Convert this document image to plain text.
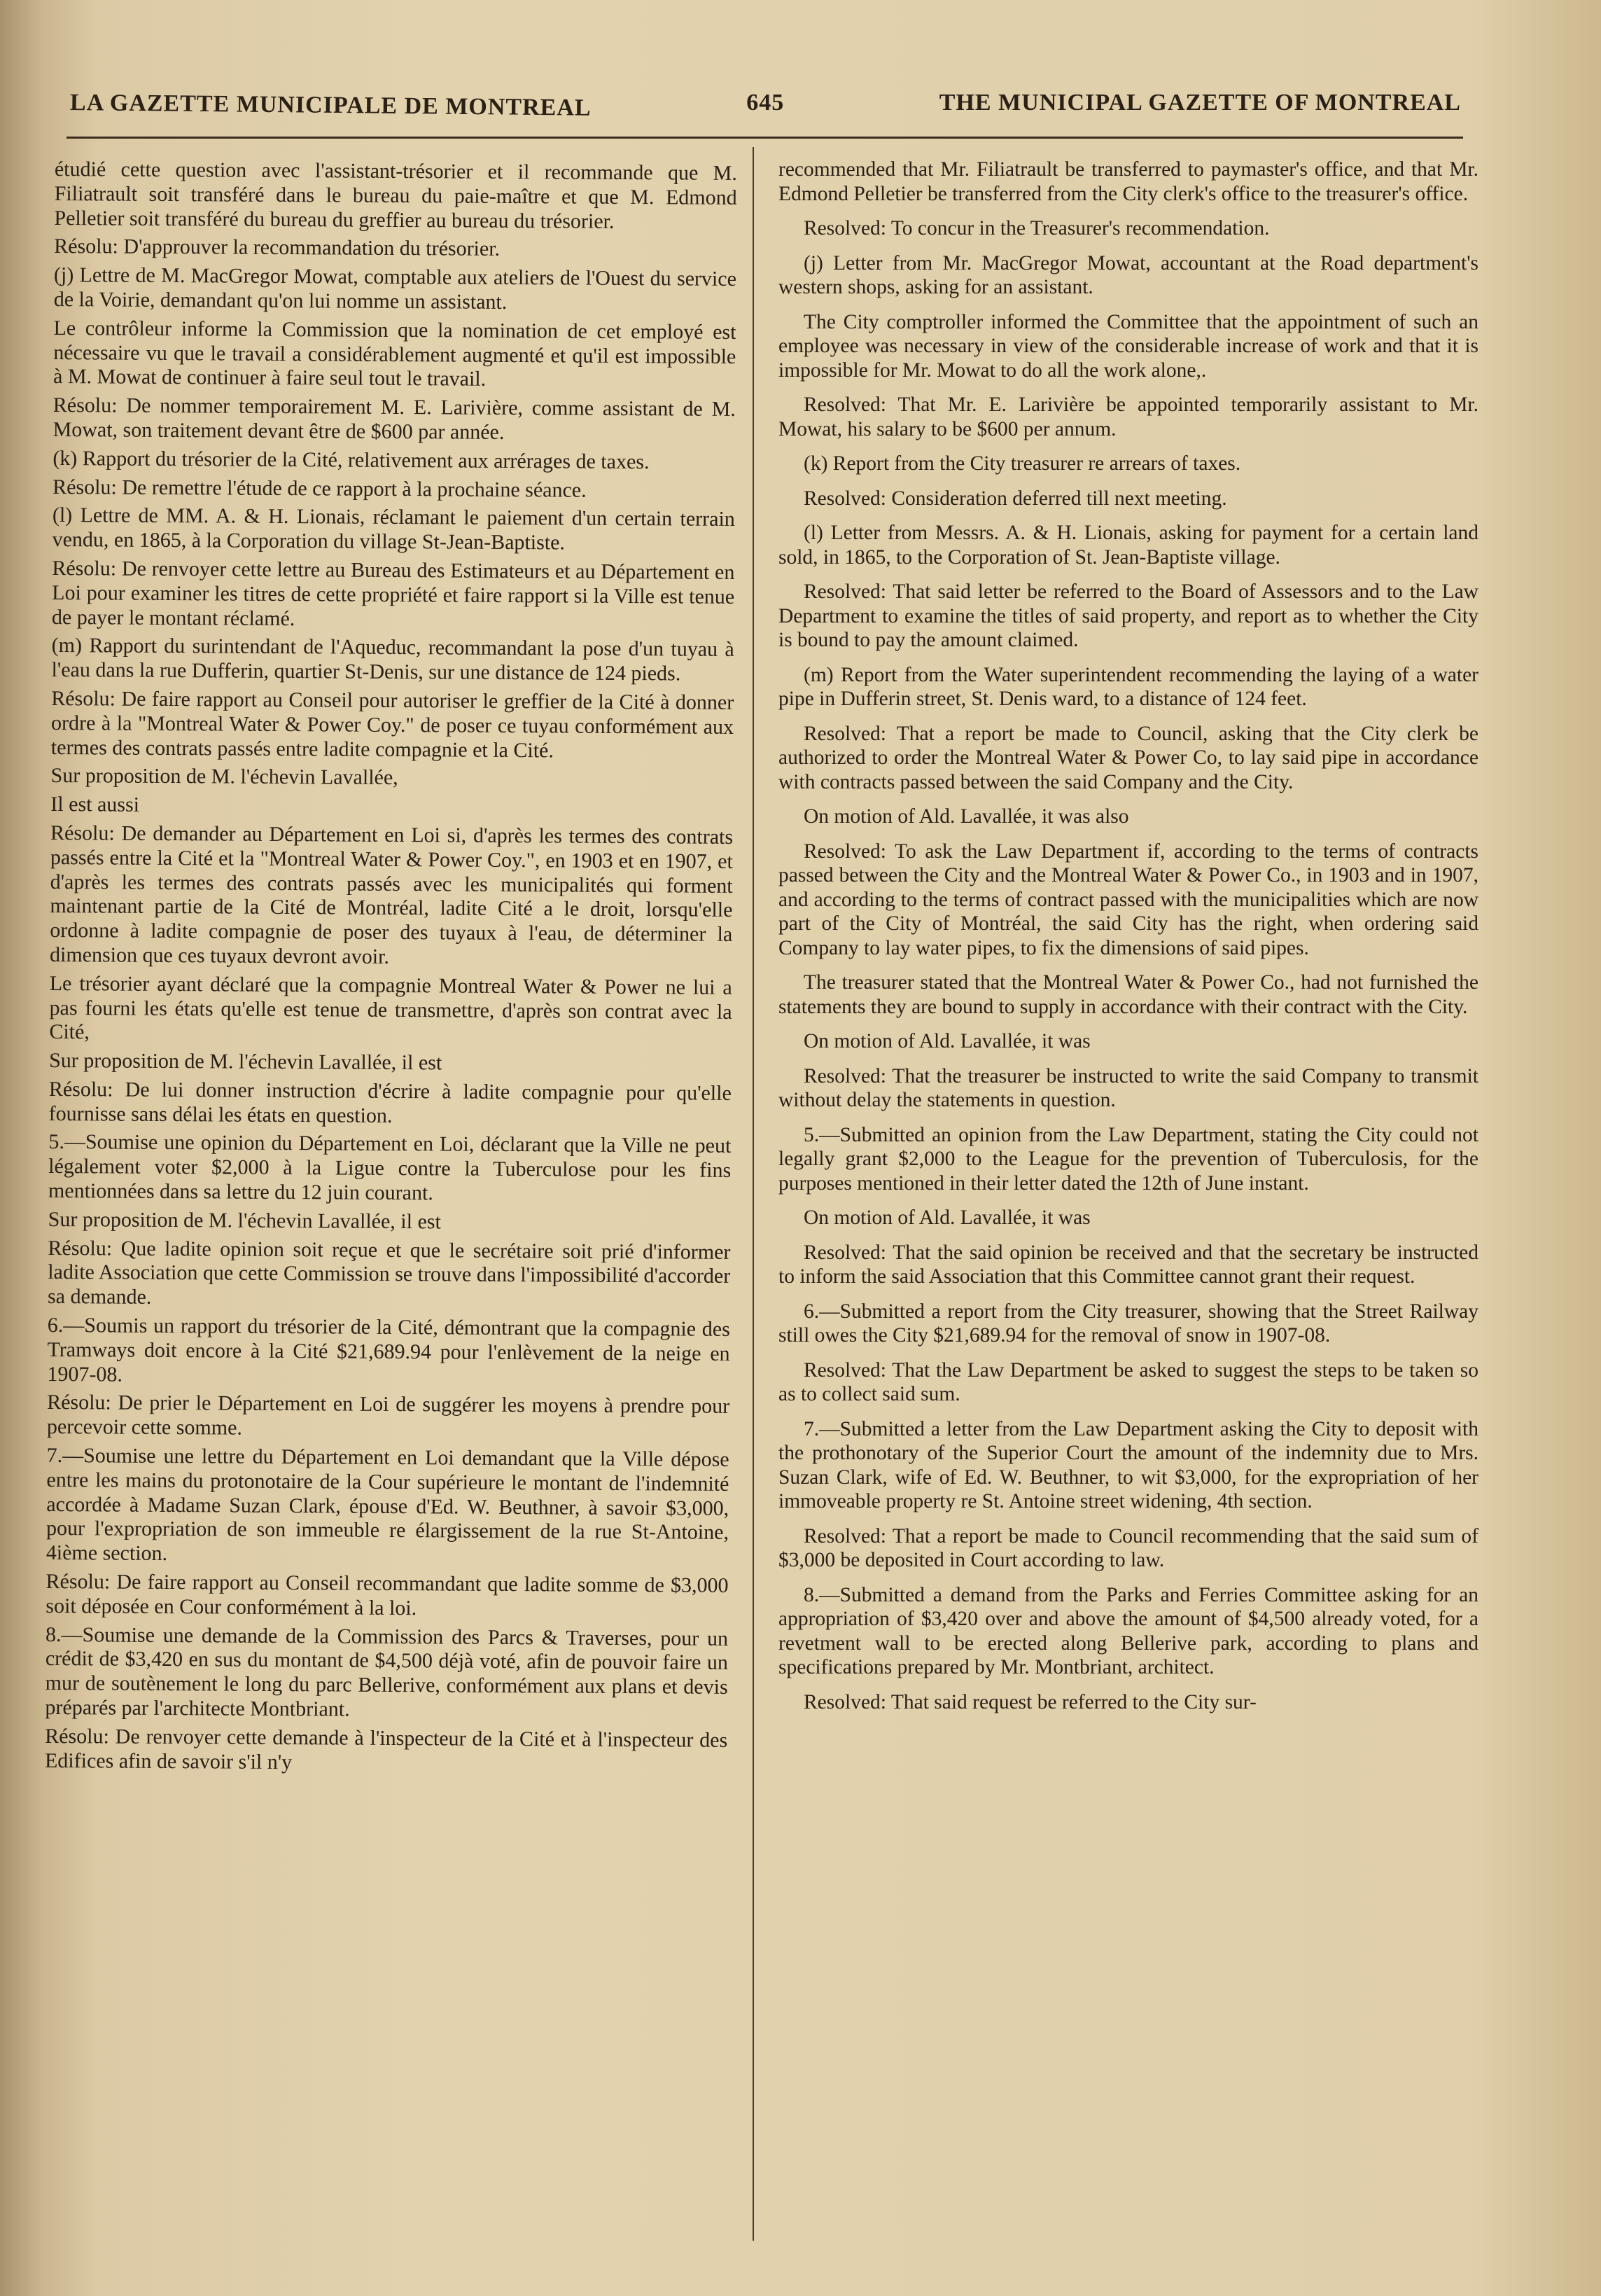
LA GAZETTE MUNICIPALE DE MONTREAL	645	THE MUNICIPAL GAZETTE OF MONTREAL

étudié cette question avec l'assistant-trésorier et il recommande que M. Filiatrault soit transféré dans le bureau du paie-maître et que M. Edmond Pelletier soit transféré du bureau du greffier au bureau du trésorier.

Résolu: D'approuver la recommandation du trésorier.

(j) Lettre de M. MacGregor Mowat, comptable aux ateliers de l'Ouest du service de la Voirie, demandant qu'on lui nomme un assistant.

Le contrôleur informe la Commission que la nomination de cet employé est nécessaire vu que le travail a considérablement augmenté et qu'il est impossible à M. Mowat de continuer à faire seul tout le travail.

Résolu: De nommer temporairement M. E. Larivière, comme assistant de M. Mowat, son traitement devant être de $600 par année.

(k) Rapport du trésorier de la Cité, relativement aux arrérages de taxes.

Résolu: De remettre l'étude de ce rapport à la prochaine séance.

(l) Lettre de MM. A. & H. Lionais, réclamant le paiement d'un certain terrain vendu, en 1865, à la Corporation du village St-Jean-Baptiste.

Résolu: De renvoyer cette lettre au Bureau des Estimateurs et au Département en Loi pour examiner les titres de cette propriété et faire rapport si la Ville est tenue de payer le montant réclamé.

(m) Rapport du surintendant de l'Aqueduc, recommandant la pose d'un tuyau à l'eau dans la rue Dufferin, quartier St-Denis, sur une distance de 124 pieds.

Résolu: De faire rapport au Conseil pour autoriser le greffier de la Cité à donner ordre à la "Montreal Water & Power Coy." de poser ce tuyau conformément aux termes des contrats passés entre ladite compagnie et la Cité.

Sur proposition de M. l'échevin Lavallée,

Il est aussi

Résolu: De demander au Département en Loi si, d'après les termes des contrats passés entre la Cité et la "Montreal Water & Power Coy.", en 1903 et en 1907, et d'après les termes des contrats passés avec les municipalités qui forment maintenant partie de la Cité de Montréal, ladite Cité a le droit, lorsqu'elle ordonne à ladite compagnie de poser des tuyaux à l'eau, de déterminer la dimension que ces tuyaux devront avoir.

Le trésorier ayant déclaré que la compagnie Montreal Water & Power ne lui a pas fourni les états qu'elle est tenue de transmettre, d'après son contrat avec la Cité,

Sur proposition de M. l'échevin Lavallée, il est

Résolu: De lui donner instruction d'écrire à ladite compagnie pour qu'elle fournisse sans délai les états en question.

5.—Soumise une opinion du Département en Loi, déclarant que la Ville ne peut légalement voter $2,000 à la Ligue contre la Tuberculose pour les fins mentionnées dans sa lettre du 12 juin courant.

Sur proposition de M. l'échevin Lavallée, il est

Résolu: Que ladite opinion soit reçue et que le secrétaire soit prié d'informer ladite Association que cette Commission se trouve dans l'impossibilité d'accorder sa demande.

6.—Soumis un rapport du trésorier de la Cité, démontrant que la compagnie des Tramways doit encore à la Cité $21,689.94 pour l'enlèvement de la neige en 1907-08.

Résolu: De prier le Département en Loi de suggérer les moyens à prendre pour percevoir cette somme.

7.—Soumise une lettre du Département en Loi demandant que la Ville dépose entre les mains du protonotaire de la Cour supérieure le montant de l'indemnité accordée à Madame Suzan Clark, épouse d'Ed. W. Beuthner, à savoir $3,000, pour l'expropriation de son immeuble re élargissement de la rue St-Antoine, 4ième section.

Résolu: De faire rapport au Conseil recommandant que ladite somme de $3,000 soit déposée en Cour conformément à la loi.

8.—Soumise une demande de la Commission des Parcs & Traverses, pour un crédit de $3,420 en sus du montant de $4,500 déjà voté, afin de pouvoir faire un mur de soutènement le long du parc Bellerive, conformément aux plans et devis préparés par l'architecte Montbriant.

Résolu: De renvoyer cette demande à l'inspecteur de la Cité et à l'inspecteur des Edifices afin de savoir s'il n'y

recommended that Mr. Filiatrault be transferred to paymaster's office, and that Mr. Edmond Pelletier be transferred from the City clerk's office to the treasurer's office.

Resolved: To concur in the Treasurer's recommendation.

(j) Letter from Mr. MacGregor Mowat, accountant at the Road department's western shops, asking for an assistant.

The City comptroller informed the Committee that the appointment of such an employee was necessary in view of the considerable increase of work and that it is impossible for Mr. Mowat to do all the work alone,.

Resolved: That Mr. E. Larivière be appointed temporarily assistant to Mr. Mowat, his salary to be $600 per annum.

(k) Report from the City treasurer re arrears of taxes.

Resolved: Consideration deferred till next meeting.

(l) Letter from Messrs. A. & H. Lionais, asking for payment for a certain land sold, in 1865, to the Corporation of St. Jean-Baptiste village.

Resolved: That said letter be referred to the Board of Assessors and to the Law Department to examine the titles of said property, and report as to whether the City is bound to pay the amount claimed.

(m) Report from the Water superintendent recommending the laying of a water pipe in Dufferin street, St. Denis ward, to a distance of 124 feet.

Resolved: That a report be made to Council, asking that the City clerk be authorized to order the Montreal Water & Power Co, to lay said pipe in accordance with contracts passed between the said Company and the City.

On motion of Ald. Lavallée, it was also

Resolved: To ask the Law Department if, according to the terms of contracts passed between the City and the Montreal Water & Power Co., in 1903 and in 1907, and according to the terms of contract passed with the municipalities which are now part of the City of Montréal, the said City has the right, when ordering said Company to lay water pipes, to fix the dimensions of said pipes.

The treasurer stated that the Montreal Water & Power Co., had not furnished the statements they are bound to supply in accordance with their contract with the City.

On motion of Ald. Lavallée, it was

Resolved: That the treasurer be instructed to write the said Company to transmit without delay the statements in question.

5.—Submitted an opinion from the Law Department, stating the City could not legally grant $2,000 to the League for the prevention of Tuberculosis, for the purposes mentioned in their letter dated the 12th of June instant.

On motion of Ald. Lavallée, it was

Resolved: That the said opinion be received and that the secretary be instructed to inform the said Association that this Committee cannot grant their request.

6.—Submitted a report from the City treasurer, showing that the Street Railway still owes the City $21,689.94 for the removal of snow in 1907-08.

Resolved: That the Law Department be asked to suggest the steps to be taken so as to collect said sum.

7.—Submitted a letter from the Law Department asking the City to deposit with the prothonotary of the Superior Court the amount of the indemnity due to Mrs. Suzan Clark, wife of Ed. W. Beuthner, to wit $3,000, for the expropriation of her immoveable property re St. Antoine street widening, 4th section.

Resolved: That a report be made to Council recommending that the said sum of $3,000 be deposited in Court according to law.

8.—Submitted a demand from the Parks and Ferries Committee asking for an appropriation of $3,420 over and above the amount of $4,500 already voted, for a revetment wall to be erected along Bellerive park, according to plans and specifications prepared by Mr. Montbriant, architect.

Resolved: That said request be referred to the City sur-
